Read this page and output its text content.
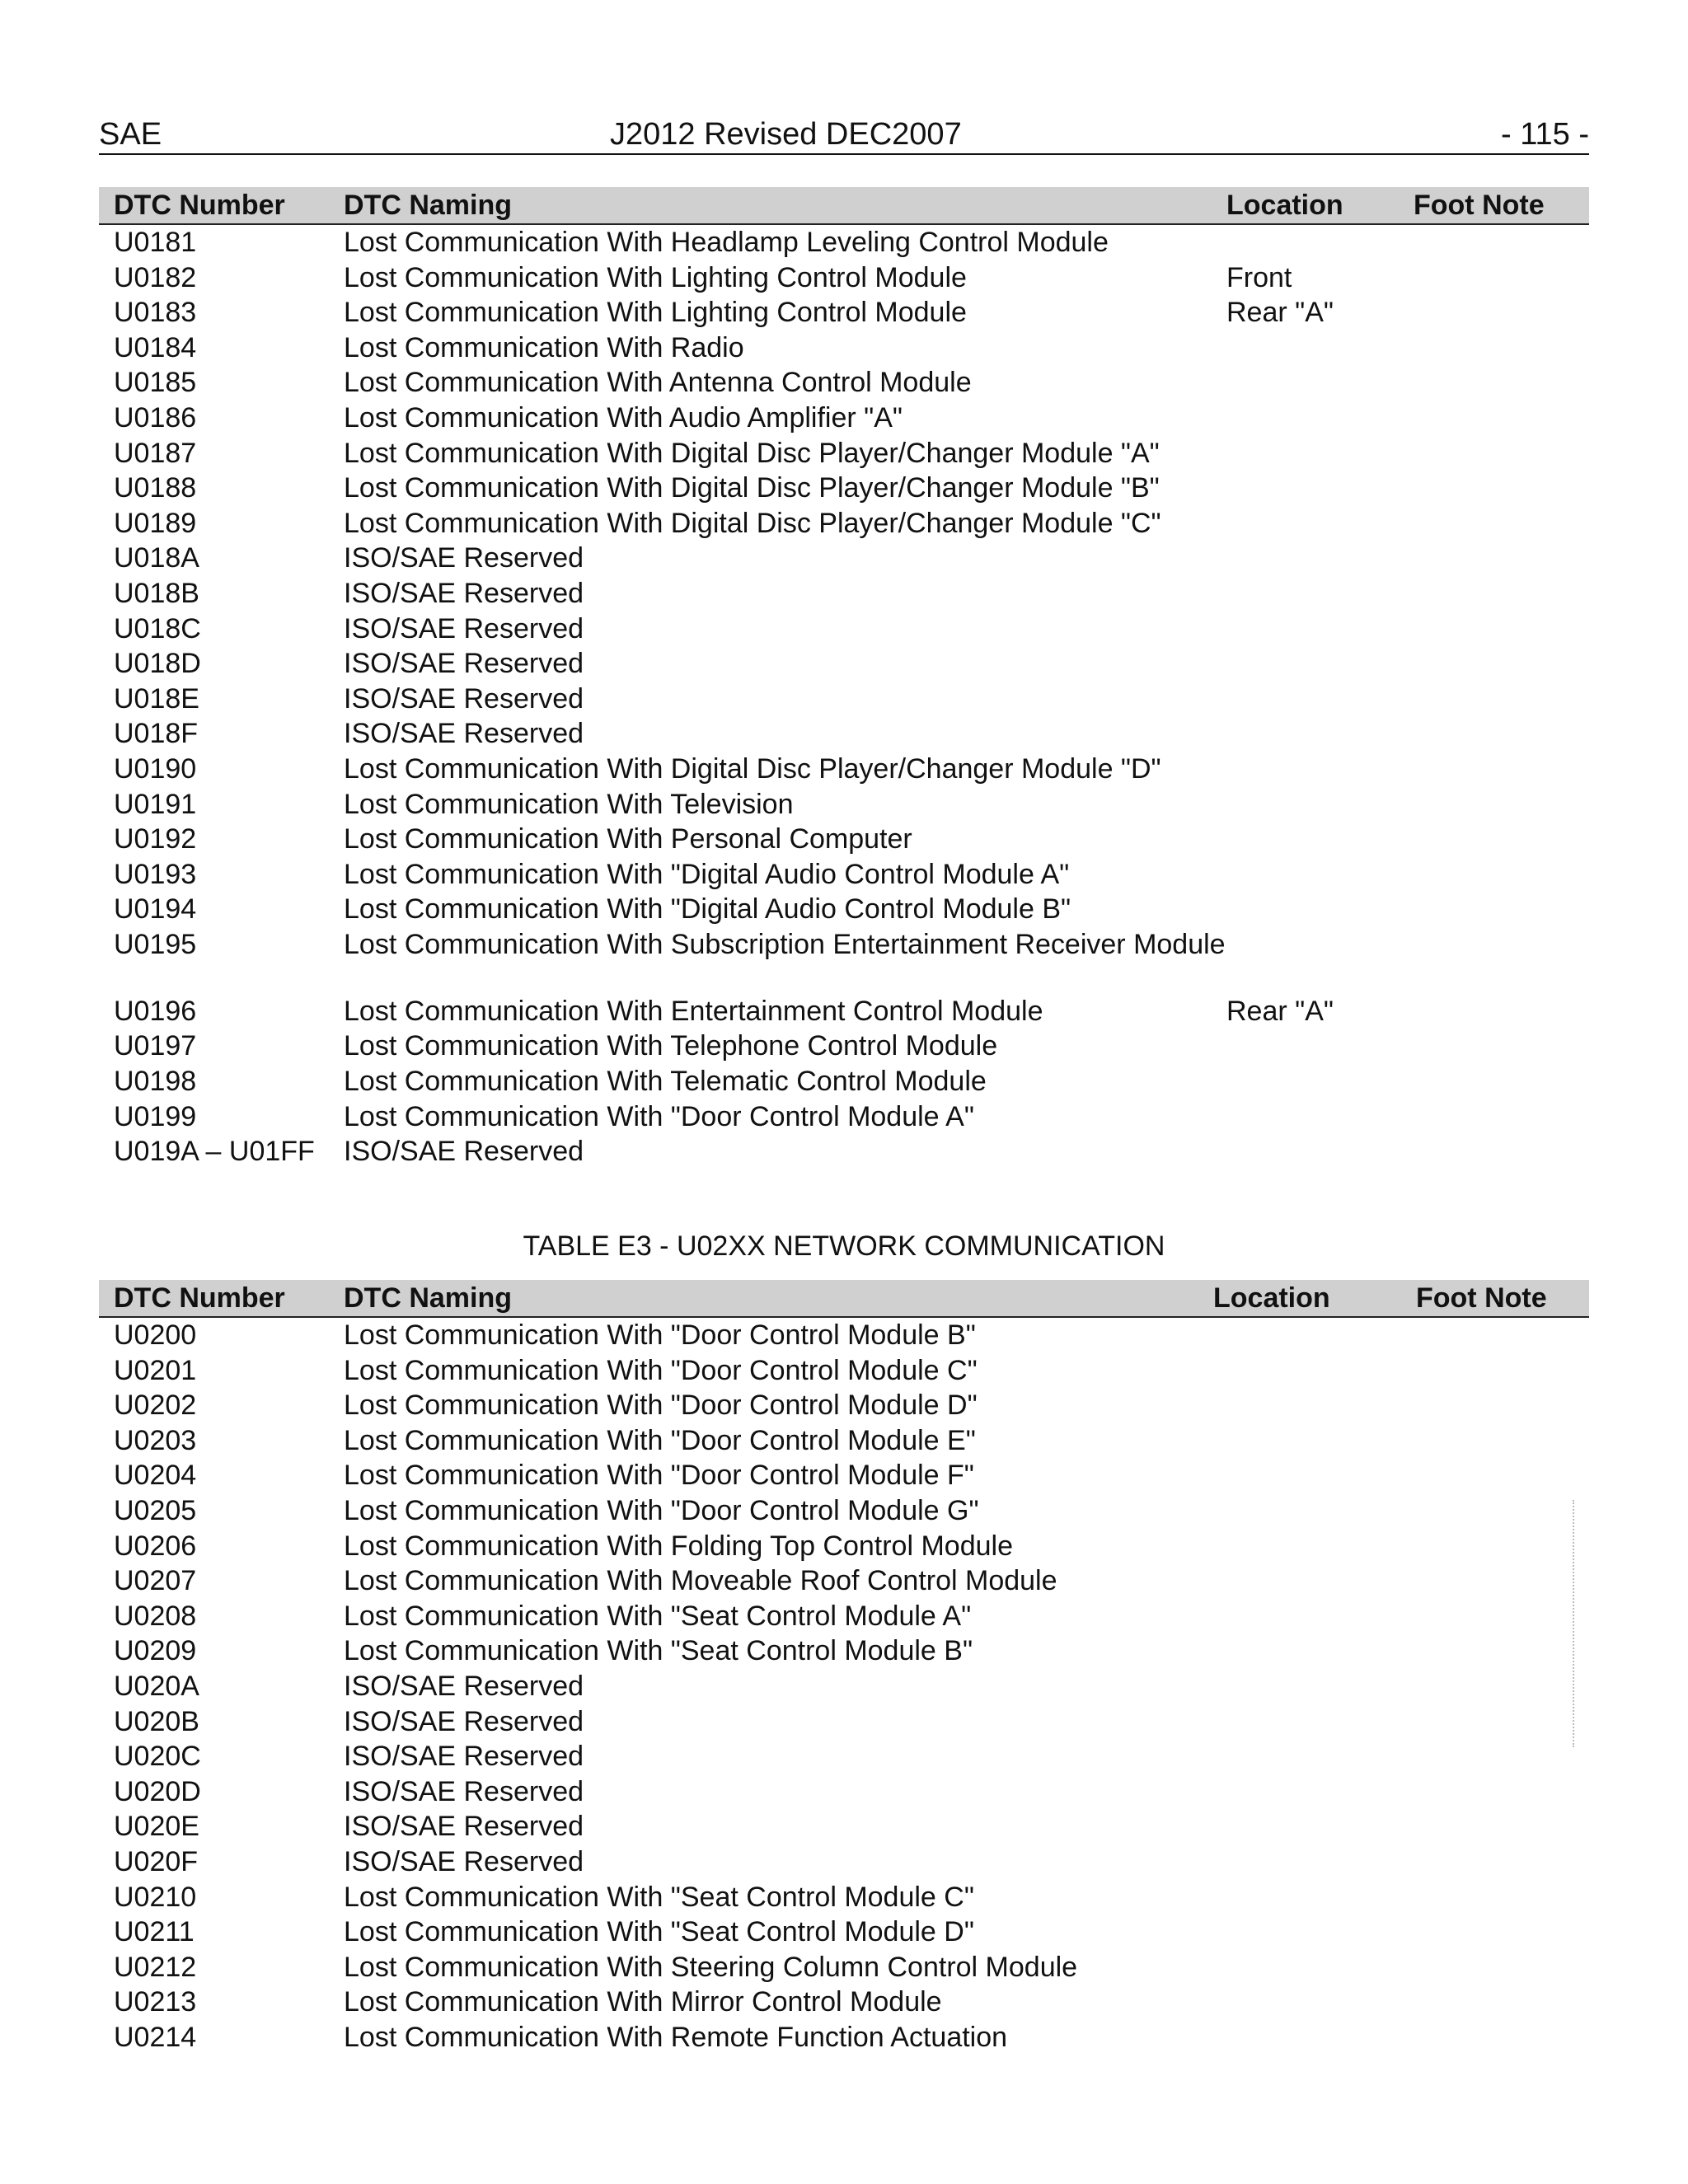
SAE	J2012 Revised DEC2007	- 115 -
DTC Number DTC Naming	Location	Foot Note
U0181	Lost Communication With Headlamp Leveling Control Module
U0182	Lost Communication With Lighting Control Module	Front
U0183	Lost Communication With Lighting Control Module	Rear "A"
U0184	Lost Communication With Radio
U0185	Lost Communication With Antenna Control Module
U0186	Lost Communication With Audio Amplifier "A"
U0187	Lost Communication With Digital Disc Player/Changer Module "A"
U0188	Lost Communication With Digital Disc Player/Changer Module "B"
U0189	Lost Communication With Digital Disc Player/Changer Module "C"
U018A	ISO/SAE Reserved
U018B	ISO/SAE Reserved
U018C	ISO/SAE Reserved
U018D	ISO/SAE Reserved
U018E	ISO/SAE Reserved
U018F	ISO/SAE Reserved
U0190	Lost Communication With Digital Disc Player/Changer Module "D"
U0191	Lost Communication With Television
U0192	Lost Communication With Personal Computer
U0193	Lost Communication With "Digital Audio Control Module A"
U0194	Lost Communication With "Digital Audio Control Module B"
U0195	Lost Communication With Subscription Entertainment Receiver Module
U0196	Lost Communication With Entertainment Control Module	Rear "A"
U0197	Lost Communication With Telephone Control Module
U0198	Lost Communication With Telematic Control Module
U0199	Lost Communication With "Door Control Module A"
U019A – U01FF ISO/SAE Reserved
TABLE E3 - U02XX NETWORK COMMUNICATION
DTC Number DTC Naming	Location	Foot Note
U0200	Lost Communication With "Door Control Module B"
U0201	Lost Communication With "Door Control Module C"
U0202	Lost Communication With "Door Control Module D"
U0203	Lost Communication With "Door Control Module E"
U0204	Lost Communication With "Door Control Module F"
U0205	Lost Communication With "Door Control Module G"
U0206	Lost Communication With Folding Top Control Module
U0207	Lost Communication With Moveable Roof Control Module
U0208	Lost Communication With "Seat Control Module A"
U0209	Lost Communication With "Seat Control Module B"
U020A	ISO/SAE Reserved
U020B	ISO/SAE Reserved
U020C	ISO/SAE Reserved
U020D	ISO/SAE Reserved
U020E	ISO/SAE Reserved
U020F	ISO/SAE Reserved
U0210	Lost Communication With "Seat Control Module C"
U0211	Lost Communication With "Seat Control Module D"
U0212	Lost Communication With Steering Column Control Module
U0213	Lost Communication With Mirror Control Module
U0214	Lost Communication With Remote Function Actuation
